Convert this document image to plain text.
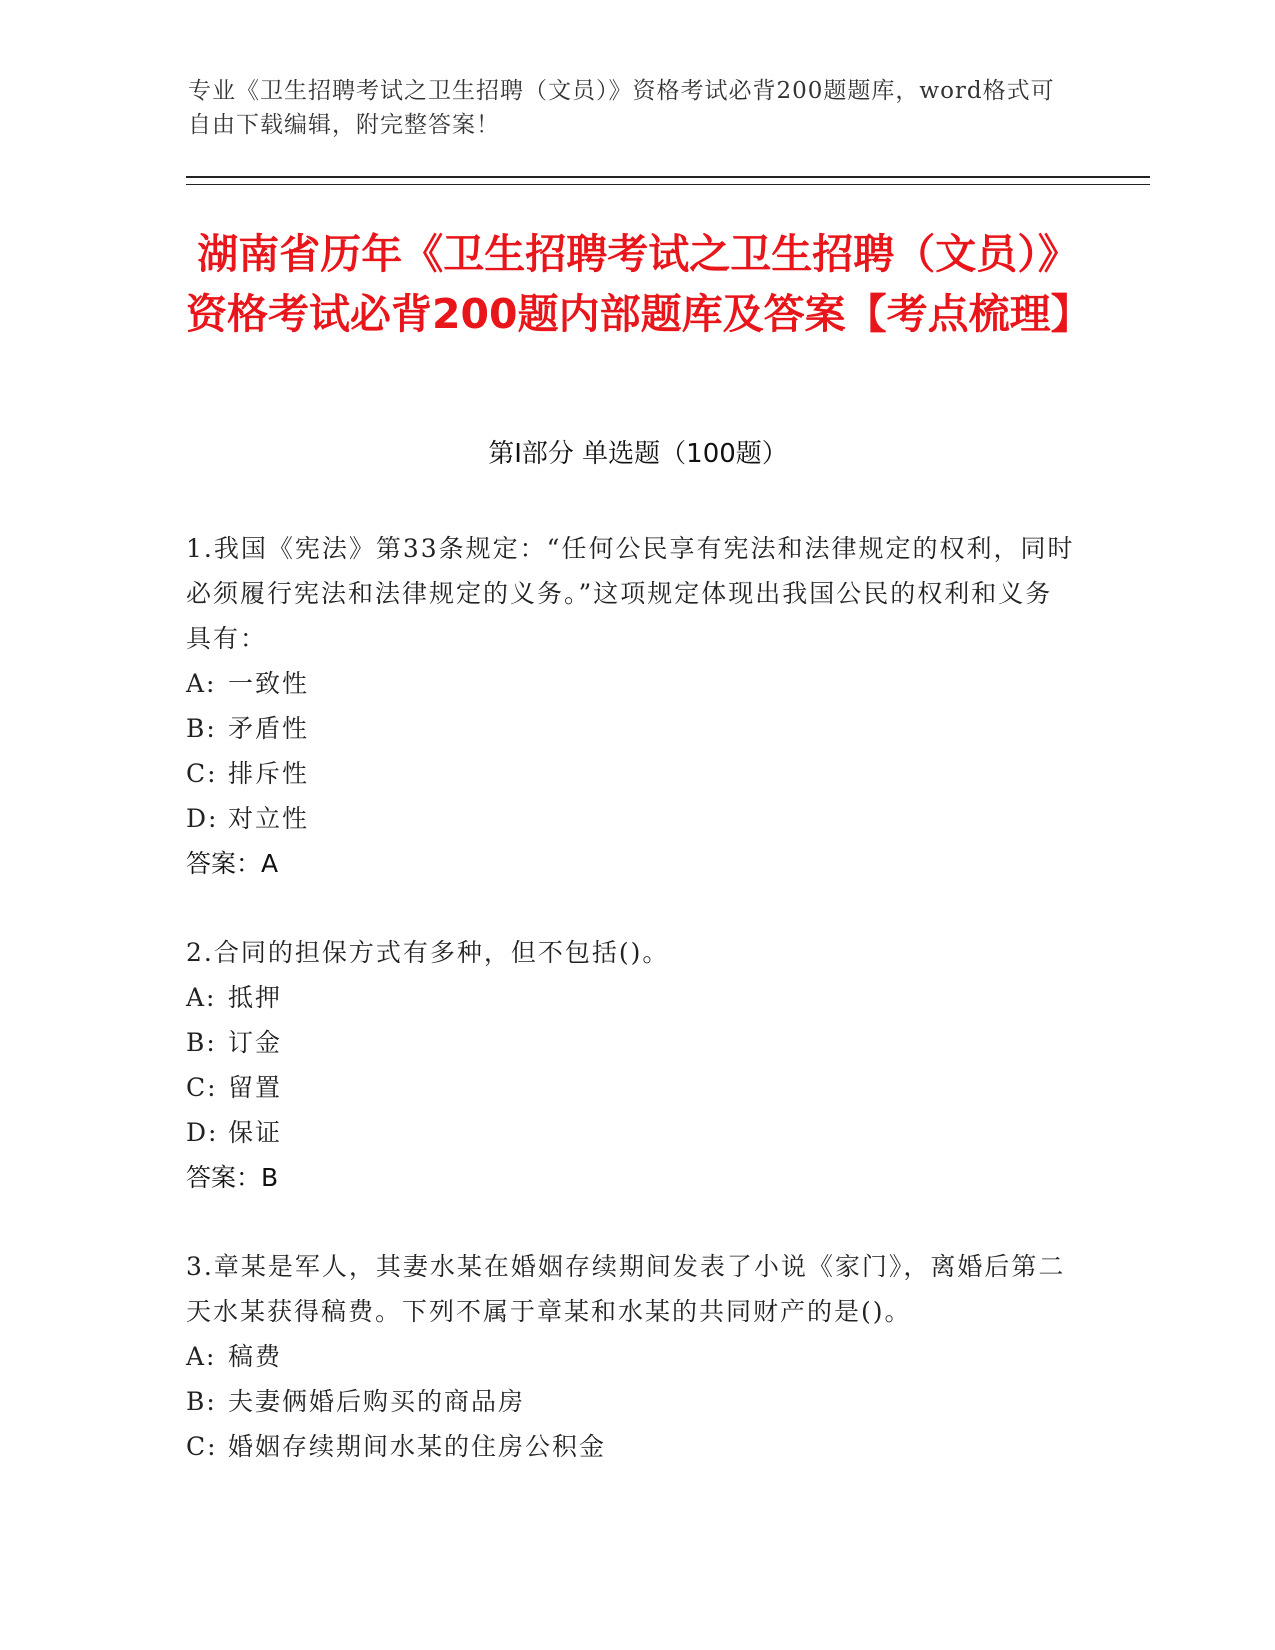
专业《卫生招聘考试之卫生招聘（文员）》资格考试必背200题题库，word格式可自由下载编辑，附完整答案！
湖南省历年《卫生招聘考试之卫生招聘（文员）》资格考试必背200题内部题库及答案【考点梳理】
第Ⅰ部分 单选题（100题）
1.我国《宪法》第33条规定：“任何公民享有宪法和法律规定的权利，同时必须履行宪法和法律规定的义务。”这项规定体现出我国公民的权利和义务具有：
A: 一致性
B: 矛盾性
C: 排斥性
D: 对立性
答案：A
2.合同的担保方式有多种，但不包括()。
A: 抵押
B: 订金
C: 留置
D: 保证
答案：B
3.章某是军人，其妻水某在婚姻存续期间发表了小说《家门》，离婚后第二天水某获得稿费。下列不属于章某和水某的共同财产的是()。
A: 稿费
B: 夫妻俩婚后购买的商品房
C: 婚姻存续期间水某的住房公积金
